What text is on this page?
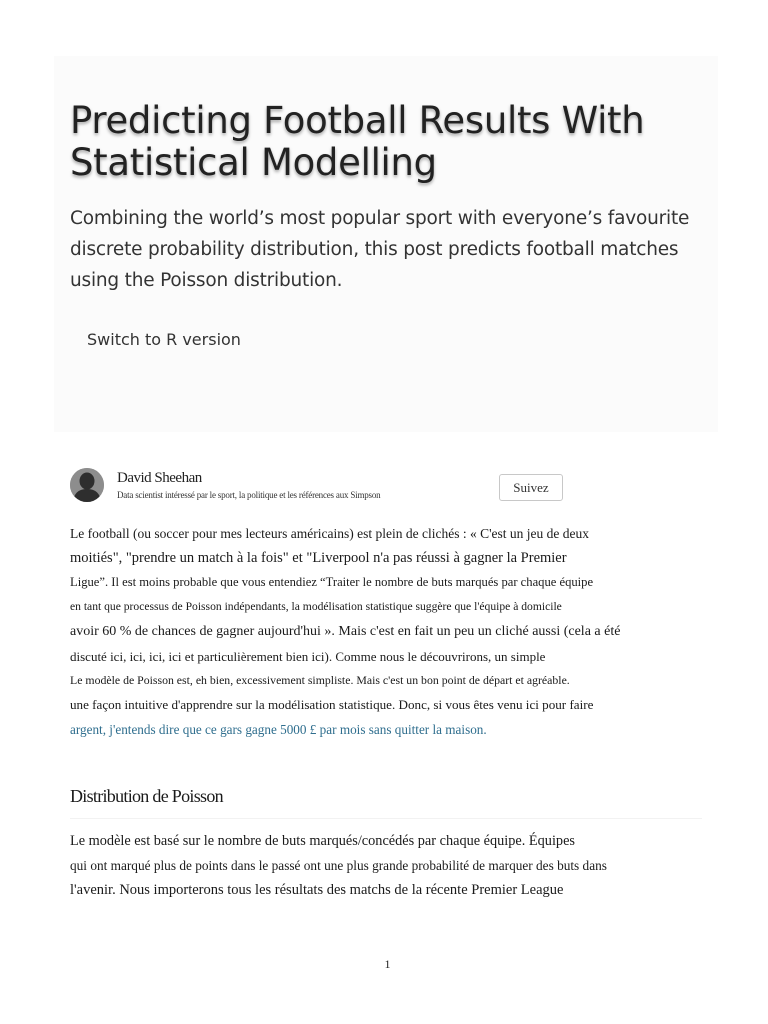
Predicting Football Results With Statistical Modelling

Combining the world’s most popular sport with everyone’s favourite discrete probability distribution, this post predicts football matches using the Poisson distribution.

Switch to R version
David Sheehan
Data scientist intéressé par le sport, la politique et les références aux Simpson
Suivez
Le football (ou soccer pour mes lecteurs américains) est plein de clichés : « C'est un jeu de deux
moitiés", "prendre un match à la fois" et "Liverpool n'a pas réussi à gagner la Premier
Ligue”. Il est moins probable que vous entendiez “Traiter le nombre de buts marqués par chaque équipe
en tant que processus de Poisson indépendants, la modélisation statistique suggère que l'équipe à domicile
avoir 60 % de chances de gagner aujourd'hui ». Mais c'est en fait un peu un cliché aussi (cela a été
discuté ici, ici, ici, ici et particulièrement bien ici). Comme nous le découvrirons, un simple
Le modèle de Poisson est, eh bien, excessivement simpliste. Mais c'est un bon point de départ et agréable.
une façon intuitive d'apprendre sur la modélisation statistique. Donc, si vous êtes venu ici pour faire
argent, j'entends dire que ce gars gagne 5000 £ par mois sans quitter la maison.
Distribution de Poisson
Le modèle est basé sur le nombre de buts marqués/concédés par chaque équipe. Équipes
qui ont marqué plus de points dans le passé ont une plus grande probabilité de marquer des buts dans
l'avenir. Nous importerons tous les résultats des matchs de la récente Premier League
1
